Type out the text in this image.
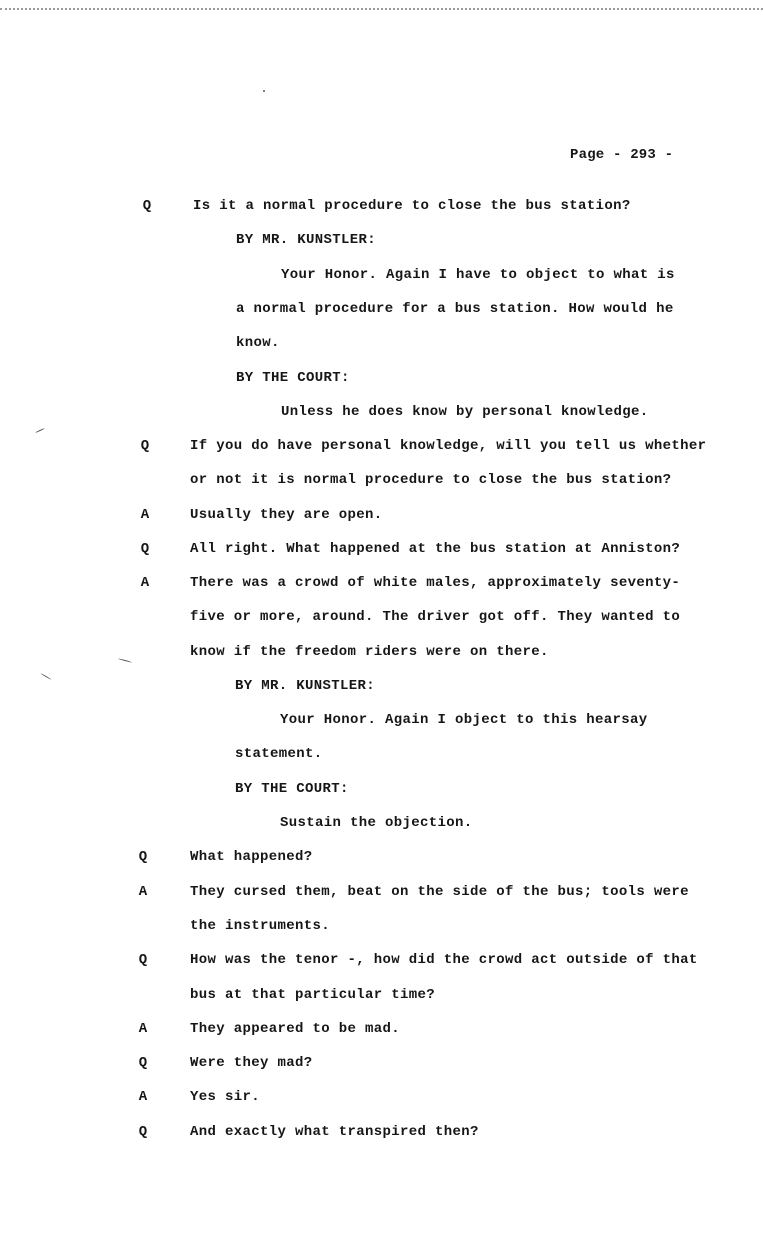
Page - 293 -
Q	Is it a normal procedure to close the bus station?
BY MR. KUNSTLER:
Your Honor. Again I have to object to what is
a normal procedure for a bus station. How would he
know.
BY THE COURT:
Unless he does know by personal knowledge.
Q	If you do have personal knowledge, will you tell us whether
or not it is normal procedure to close the bus station?
A	Usually they are open.
Q	All right. What happened at the bus station at Anniston?
A	There was a crowd of white males, approximately seventy-
five or more, around. The driver got off. They wanted to
know if the freedom riders were on there.
BY MR. KUNSTLER:
Your Honor. Again I object to this hearsay
statement.
BY THE COURT:
Sustain the objection.
Q	What happened?
A	They cursed them, beat on the side of the bus; tools were
the instruments.
Q	How was the tenor -, how did the crowd act outside of that
bus at that particular time?
A	They appeared to be mad.
Q	Were they mad?
A	Yes sir.
Q	And exactly what transpired then?
